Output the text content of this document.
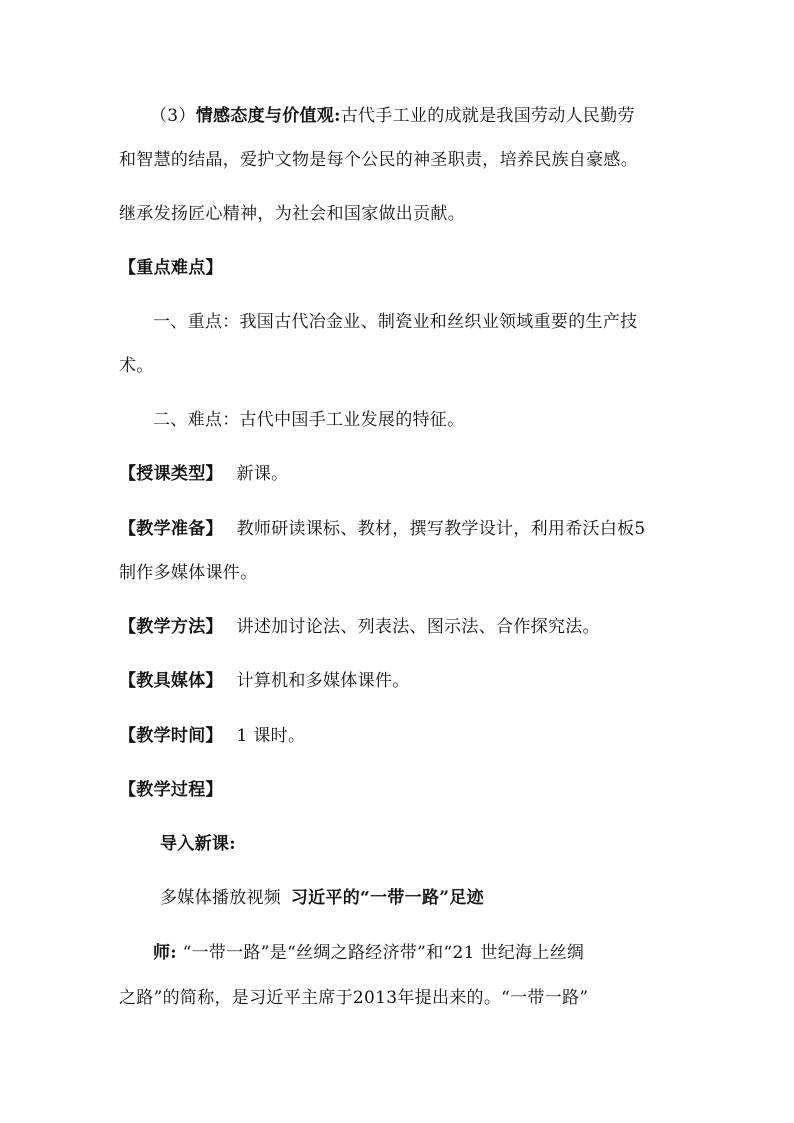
（3）情感态度与价值观:古代手工业的成就是我国劳动人民勤劳
和智慧的结晶，爱护文物是每个公民的神圣职责，培养民族自豪感。
继承发扬匠心精神，为社会和国家做出贡献。
【重点难点】
一、重点：我国古代冶金业、制瓷业和丝织业领域重要的生产技
术。
二、难点：古代中国手工业发展的特征。
【授课类型】 新课。
【教学准备】 教师研读课标、教材，撰写教学设计，利用希沃白板5
制作多媒体课件。
【教学方法】 讲述加讨论法、列表法、图示法、合作探究法。
【教具媒体】 计算机和多媒体课件。
【教学时间】 1 课时。
【教学过程】
导入新课:
多媒体播放视频 习近平的“一带一路”足迹
师: “一带一路”是“丝绸之路经济带”和“21 世纪海上丝绸
之路”的简称，是习近平主席于2013年提出来的。“一带一路”
